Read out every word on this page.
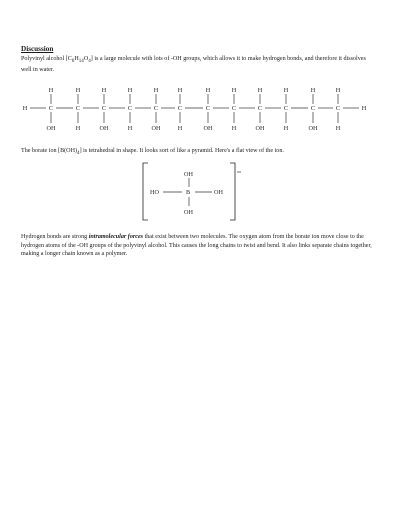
Discussion

Polyvinyl alcohol $[C_6H_{14}O_4]$ is a large molecule with lots of -OH groups, which allows it to make hydrogen bonds, and therefore it dissolves well in water.

H	H
C
H
OH
C
H
H
C
H
OH
C
H
H
C
H
OH
C
H
H
C
H
OH
C
H
H
C
H
OH
C
H
H
C
H
OH
C
H
H

The borate ion $[B(OH)_4]$ is tetrahedral in shape. It looks sort of like a pyramid. Here's a flat view of the ion.

OH
HO	B	OH
OH

Hydrogen bonds are strong intramolecular forces that exist between two molecules. The oxygen atom from the borate ion move close to the hydrogen atoms of the -OH groups of the polyvinyl alcohol. This causes the long chains to twist and bend. It also links separate chains together, making a longer chain known as a polymer.
